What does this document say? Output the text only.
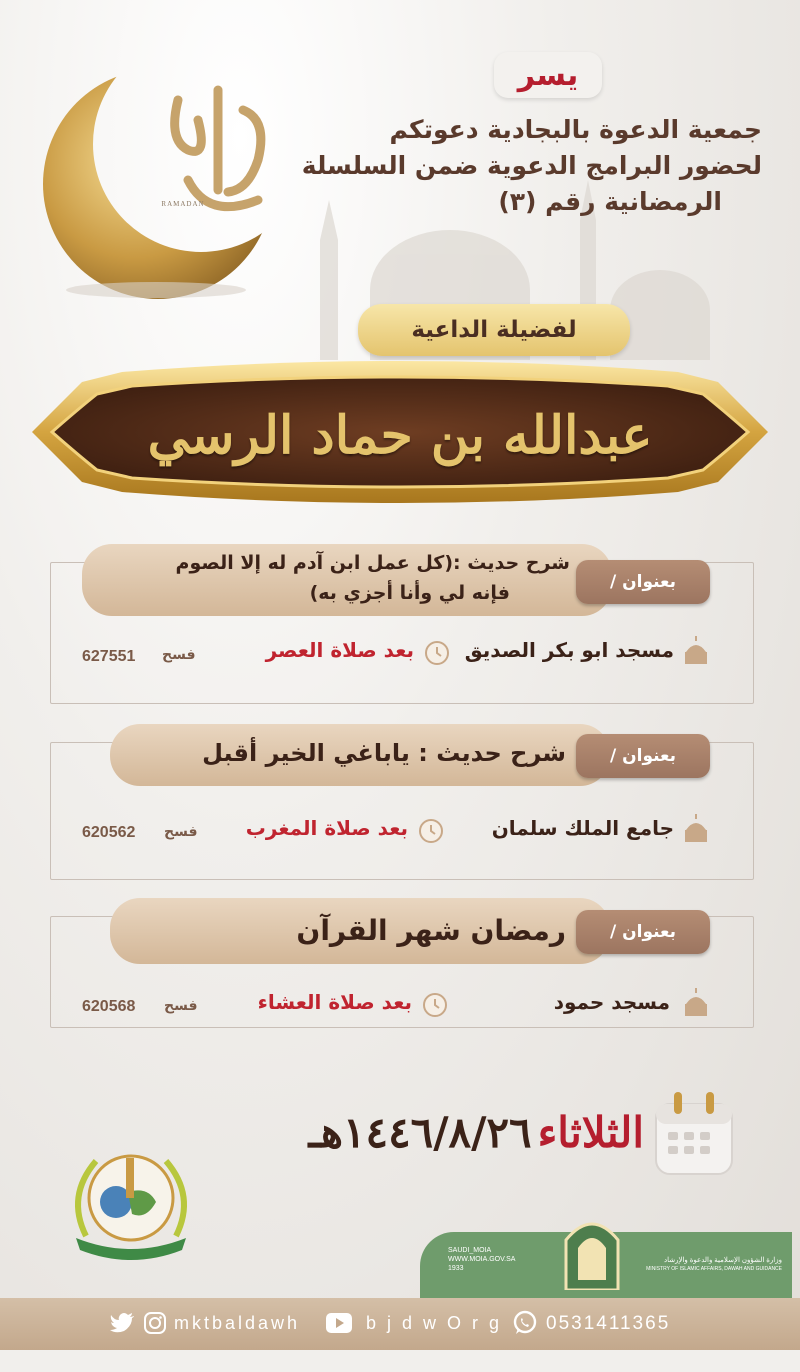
RAMADAN
يسر
جمعية الدعوة بالبجادية دعوتكم
لحضور البرامج الدعوية ضمن السلسلة
الرمضانية رقم (٣)
لفضيلة الداعية
عبدالله بن حماد الرسي
شرح حديث :(كل عمل ابن آدم له إلا الصوم
فإنه لي وأنا أجزي به)	بعنوان /
مسجد ابو بكر الصديق
بعد صلاة العصر
فسح
627551
شرح حديث : ياباغي الخير أقبل	بعنوان /
جامع الملك سلمان
بعد صلاة المغرب
فسح
620562
رمضان شهر القرآن	بعنوان /
مسجد حمود
بعد صلاة العشاء
فسح
620568
الثلاثاء
١٤٤٦/٨/٢٦هـ
SAUDI_MOIA
WWW.MOIA.GOV.SA
1933
وزارة الشؤون الإسلامية والدعوة والإرشاد
MINISTRY OF ISLAMIC AFFAIRS, DAWAH AND GUIDANCE
mktbaldawh	bjdwOrg 0531411365
